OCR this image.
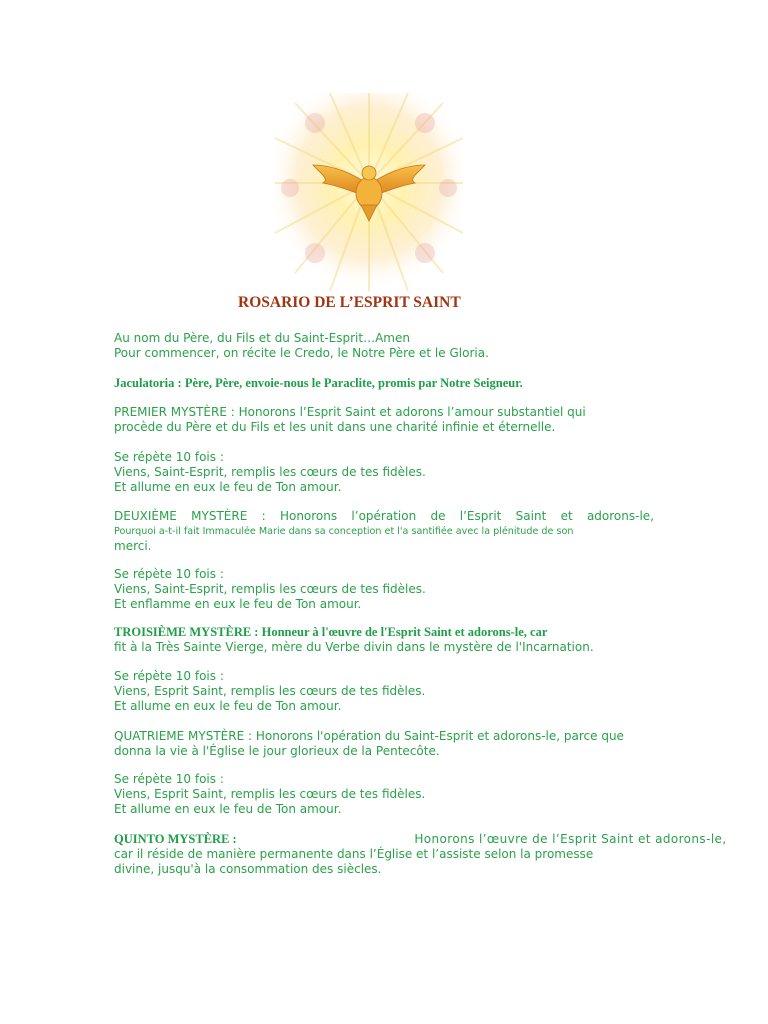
ROSARIO DE L’ESPRIT SAINT
Au nom du Père, du Fils et du Saint-Esprit…Amen
Pour commencer, on récite le Credo, le Notre Père et le Gloria.
Jaculatoria : Père, Père, envoie-nous le Paraclite, promis par Notre Seigneur.
PREMIER MYSTÈRE : Honorons l’Esprit Saint et adorons l’amour substantiel qui
procède du Père et du Fils et les unit dans une charité infinie et éternelle.
Se répète 10 fois :
Viens, Saint-Esprit, remplis les cœurs de tes fidèles.
Et allume en eux le feu de Ton amour.
DEUXIÈME MYSTÈRE : Honorons l’opération de l’Esprit Saint et adorons-le,
Pourquoi a-t-il fait Immaculée Marie dans sa conception et l'a santifiée avec la plénitude de son
merci.
Se répète 10 fois :
Viens, Saint-Esprit, remplis les cœurs de tes fidèles.
Et enflamme en eux le feu de Ton amour.
TROISIÈME MYSTÈRE : Honneur à l'œuvre de l'Esprit Saint et adorons-le, car
fit à la Très Sainte Vierge, mère du Verbe divin dans le mystère de l'Incarnation.
Se répète 10 fois :
Viens, Esprit Saint, remplis les cœurs de tes fidèles.
Et allume en eux le feu de Ton amour.
QUATRIEME MYSTÈRE : Honorons l'opération du Saint-Esprit et adorons-le, parce que
donna la vie à l'Église le jour glorieux de la Pentecôte.
Se répète 10 fois :
Viens, Esprit Saint, remplis les cœurs de tes fidèles.
Et allume en eux le feu de Ton amour.
QUINTO MYSTÈRE :	Honorons l’œuvre de l’Esprit Saint et adorons-le,
car il réside de manière permanente dans l’Église et l’assiste selon la promesse
divine, jusqu'à la consommation des siècles.
